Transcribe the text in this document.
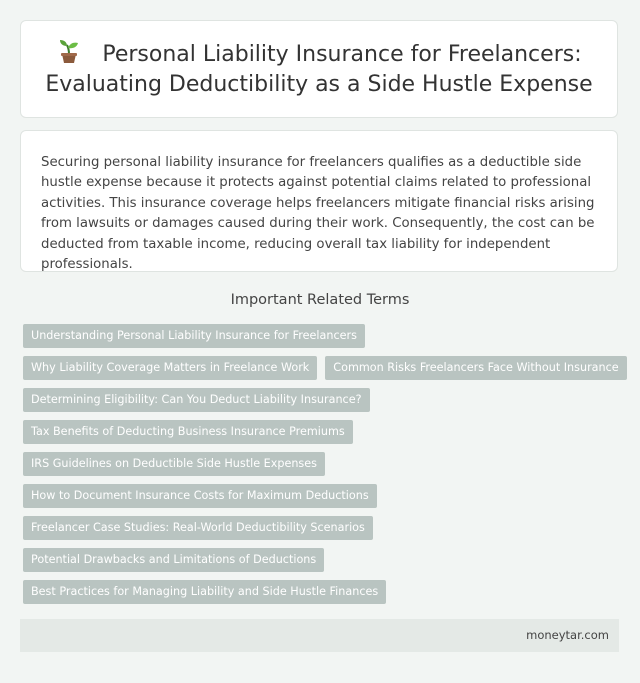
Personal Liability Insurance for Freelancers: Evaluating Deductibility as a Side Hustle Expense

Securing personal liability insurance for freelancers qualifies as a deductible side hustle expense because it protects against potential claims related to professional activities. This insurance coverage helps freelancers mitigate financial risks arising from lawsuits or damages caused during their work. Consequently, the cost can be deducted from taxable income, reducing overall tax liability for independent professionals.

Important Related Terms
Understanding Personal Liability Insurance for Freelancers
Why Liability Coverage Matters in Freelance Work	Common Risks Freelancers Face Without Insurance
Determining Eligibility: Can You Deduct Liability Insurance?
Tax Benefits of Deducting Business Insurance Premiums
IRS Guidelines on Deductible Side Hustle Expenses
How to Document Insurance Costs for Maximum Deductions
Freelancer Case Studies: Real-World Deductibility Scenarios
Potential Drawbacks and Limitations of Deductions
Best Practices for Managing Liability and Side Hustle Finances
moneytar.com
